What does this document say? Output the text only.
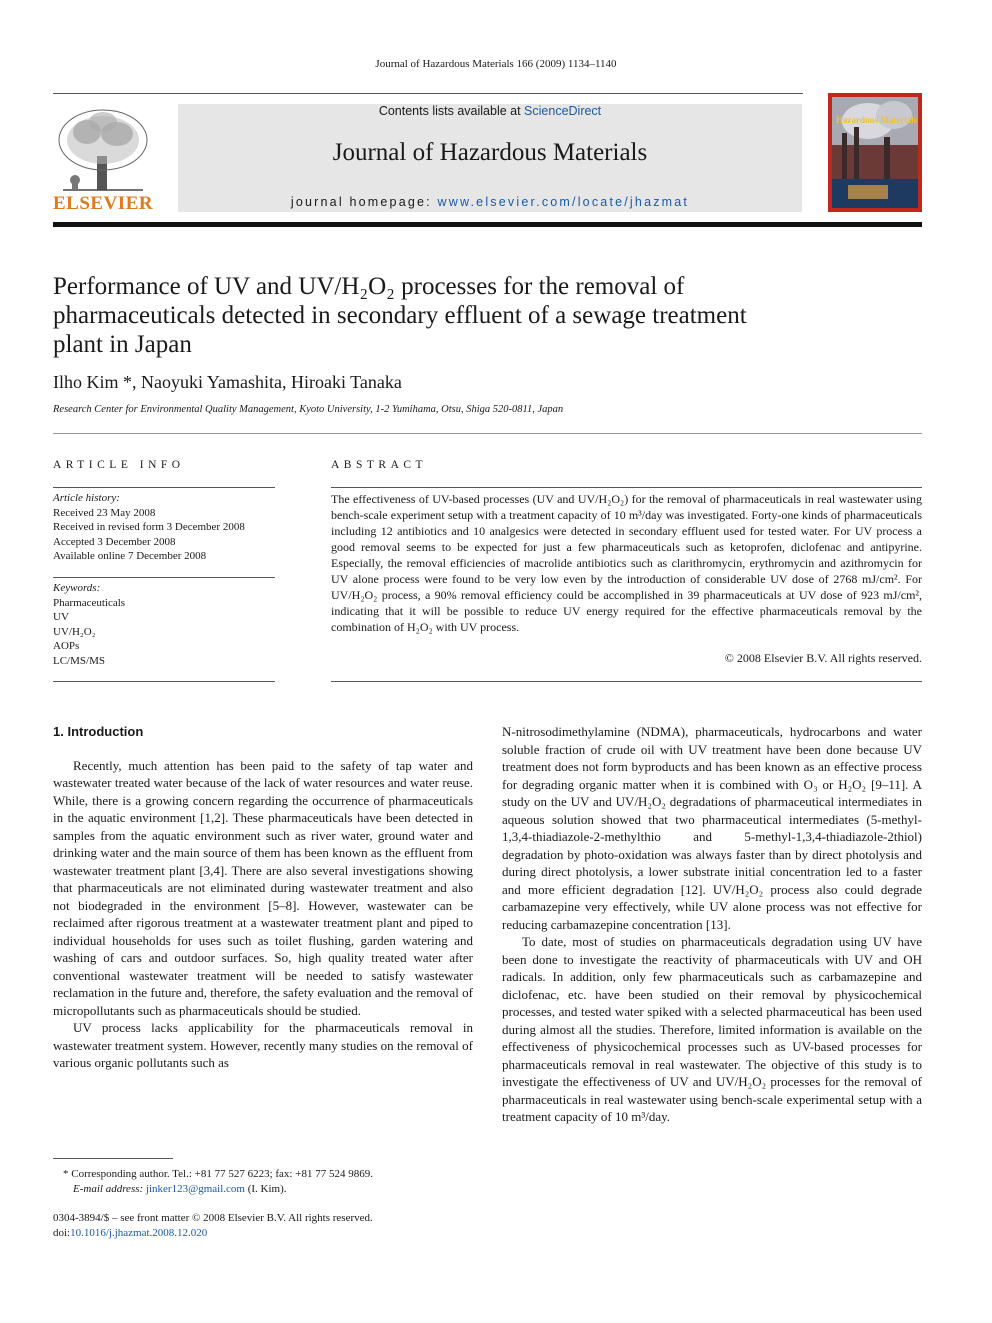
Journal of Hazardous Materials 166 (2009) 1134–1140
ELSEVIER
Contents lists available at ScienceDirect
Journal of Hazardous Materials
journal homepage: www.elsevier.com/locate/jhazmat
Hazardous Materials
Performance of UV and UV/H₂O₂ processes for the removal of pharmaceuticals detected in secondary effluent of a sewage treatment plant in Japan
Ilho Kim *, Naoyuki Yamashita, Hiroaki Tanaka
Research Center for Environmental Quality Management, Kyoto University, 1-2 Yumihama, Otsu, Shiga 520-0811, Japan
ARTICLE INFO
Article history:
Received 23 May 2008
Received in revised form 3 December 2008
Accepted 3 December 2008
Available online 7 December 2008
Keywords:
Pharmaceuticals
UV
UV/H₂O₂
AOPs
LC/MS/MS
ABSTRACT
The effectiveness of UV-based processes (UV and UV/H₂O₂) for the removal of pharmaceuticals in real wastewater using bench-scale experiment setup with a treatment capacity of 10 m³/day was investigated. Forty-one kinds of pharmaceuticals including 12 antibiotics and 10 analgesics were detected in secondary effluent used for tested water. For UV process a good removal seems to be expected for just a few pharmaceuticals such as ketoprofen, diclofenac and antipyrine. Especially, the removal efficiencies of macrolide antibiotics such as clarithromycin, erythromycin and azithromycin for UV alone process were found to be very low even by the introduction of considerable UV dose of 2768 mJ/cm². For UV/H₂O₂ process, a 90% removal efficiency could be accomplished in 39 pharmaceuticals at UV dose of 923 mJ/cm², indicating that it will be possible to reduce UV energy required for the effective pharmaceuticals removal by the combination of H₂O₂ with UV process.
© 2008 Elsevier B.V. All rights reserved.

1. Introduction

Recently, much attention has been paid to the safety of tap water and wastewater treated water because of the lack of water resources and water reuse. While, there is a growing concern regarding the occurrence of pharmaceuticals in the aquatic environment [1,2]. These pharmaceuticals have been detected in samples from the aquatic environment such as river water, ground water and drinking water and the main source of them has been known as the effluent from wastewater treatment plant [3,4]. There are also several investigations showing that pharmaceuticals are not eliminated during wastewater treatment and also not biodegraded in the environment [5–8]. However, wastewater can be reclaimed after rigorous treatment at a wastewater treatment plant and piped to individual households for uses such as toilet flushing, garden watering and washing of cars and outdoor surfaces. So, high quality treated water after conventional wastewater treatment will be needed to satisfy wastewater reclamation in the future and, therefore, the safety evaluation and the removal of micropollutants such as pharmaceuticals should be studied.

UV process lacks applicability for the pharmaceuticals removal in wastewater treatment system. However, recently many studies on the removal of various organic pollutants such as

N-nitrosodimethylamine (NDMA), pharmaceuticals, hydrocarbons and water soluble fraction of crude oil with UV treatment have been done because UV treatment does not form byproducts and has been known as an effective process for degrading organic matter when it is combined with O₃ or H₂O₂ [9–11]. A study on the UV and UV/H₂O₂ degradations of pharmaceutical intermediates in aqueous solution showed that two pharmaceutical intermediates (5-methyl-1,3,4-thiadiazole-2-methylthio and 5-methyl-1,3,4-thiadiazole-2thiol) degradation by photo-oxidation was always faster than by direct photolysis and during direct photolysis, a lower substrate initial concentration led to a faster and more efficient degradation [12]. UV/H₂O₂ process also could degrade carbamazepine very effectively, while UV alone process was not effective for reducing carbamazepine concentration [13].

To date, most of studies on pharmaceuticals degradation using UV have been done to investigate the reactivity of pharmaceuticals with UV and OH radicals. In addition, only few pharmaceuticals such as carbamazepine and diclofenac, etc. have been studied on their removal by physicochemical processes, and tested water spiked with a selected pharmaceutical has been used during almost all the studies. Therefore, limited information is available on the effectiveness of physicochemical processes such as UV-based processes for pharmaceuticals removal in real wastewater. The objective of this study is to investigate the effectiveness of UV and UV/H₂O₂ processes for the removal of pharmaceuticals in real wastewater using bench-scale experimental setup with a treatment capacity of 10 m³/day.

* Corresponding author. Tel.: +81 77 527 6223; fax: +81 77 524 9869.
E-mail address: jinker123@gmail.com (I. Kim).
0304-3894/$ – see front matter © 2008 Elsevier B.V. All rights reserved.
doi:10.1016/j.jhazmat.2008.12.020
